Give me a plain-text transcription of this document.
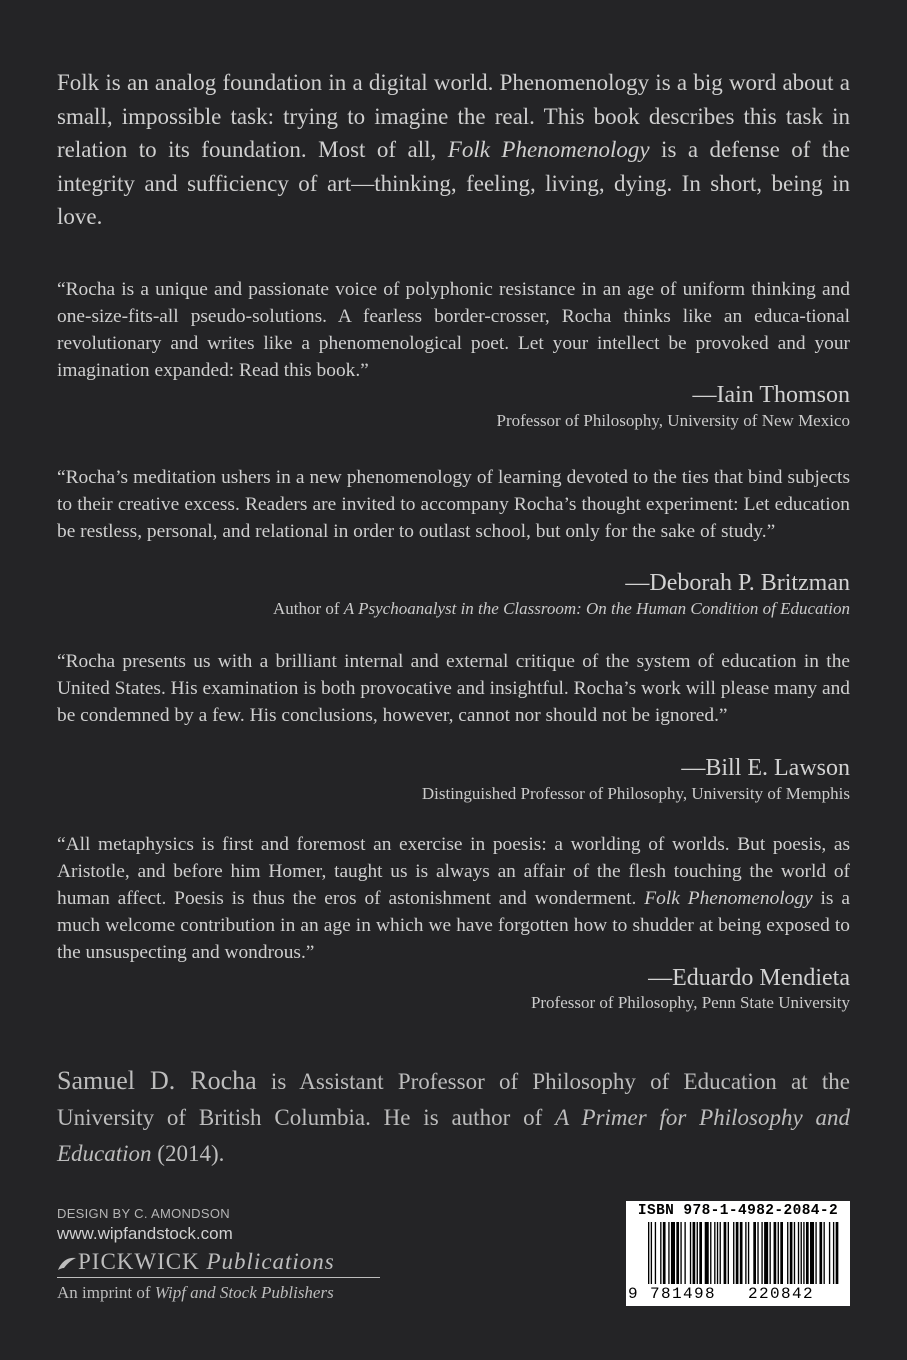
Folk is an analog foundation in a digital world. Phenomenology is a big word about a small, impossible task: trying to imagine the real. This book describes this task in relation to its foundation. Most of all, Folk Phenomenology is a defense of the integrity and sufficiency of art—thinking, feeling, living, dying. In short, being in love.
“Rocha is a unique and passionate voice of polyphonic resistance in an age of uniform thinking and one-size-fits-all pseudo-solutions. A fearless border-crosser, Rocha thinks like an educa-tional revolutionary and writes like a phenomenological poet. Let your intellect be provoked and your imagination expanded: Read this book.”
—Iain Thomson
Professor of Philosophy, University of New Mexico
“Rocha’s meditation ushers in a new phenomenology of learning devoted to the ties that bind subjects to their creative excess. Readers are invited to accompany Rocha’s thought experiment: Let education be restless, personal, and relational in order to outlast school, but only for the sake of study.”
—Deborah P. Britzman
Author of A Psychoanalyst in the Classroom: On the Human Condition of Education
“Rocha presents us with a brilliant internal and external critique of the system of education in the United States. His examination is both provocative and insightful. Rocha’s work will please many and be condemned by a few. His conclusions, however, cannot nor should not be ignored.”
—Bill E. Lawson
Distinguished Professor of Philosophy, University of Memphis
“All metaphysics is first and foremost an exercise in poesis: a worlding of worlds. But poesis, as Aristotle, and before him Homer, taught us is always an affair of the flesh touching the world of human affect. Poesis is thus the eros of astonishment and wonderment. Folk Phenomenology is a much welcome contribution in an age in which we have forgotten how to shudder at being exposed to the unsuspecting and wondrous.”
—Eduardo Mendieta
Professor of Philosophy, Penn State University
Samuel D. Rocha is Assistant Professor of Philosophy of Education at the University of British Columbia. He is author of A Primer for Philosophy and Education (2014).
DESIGN BY C. AMONDSON
www.wipfandstock.com
PICKWICK Publications
An imprint of Wipf and Stock Publishers
ISBN 978-1-4982-2084-2
9 781498 220842
